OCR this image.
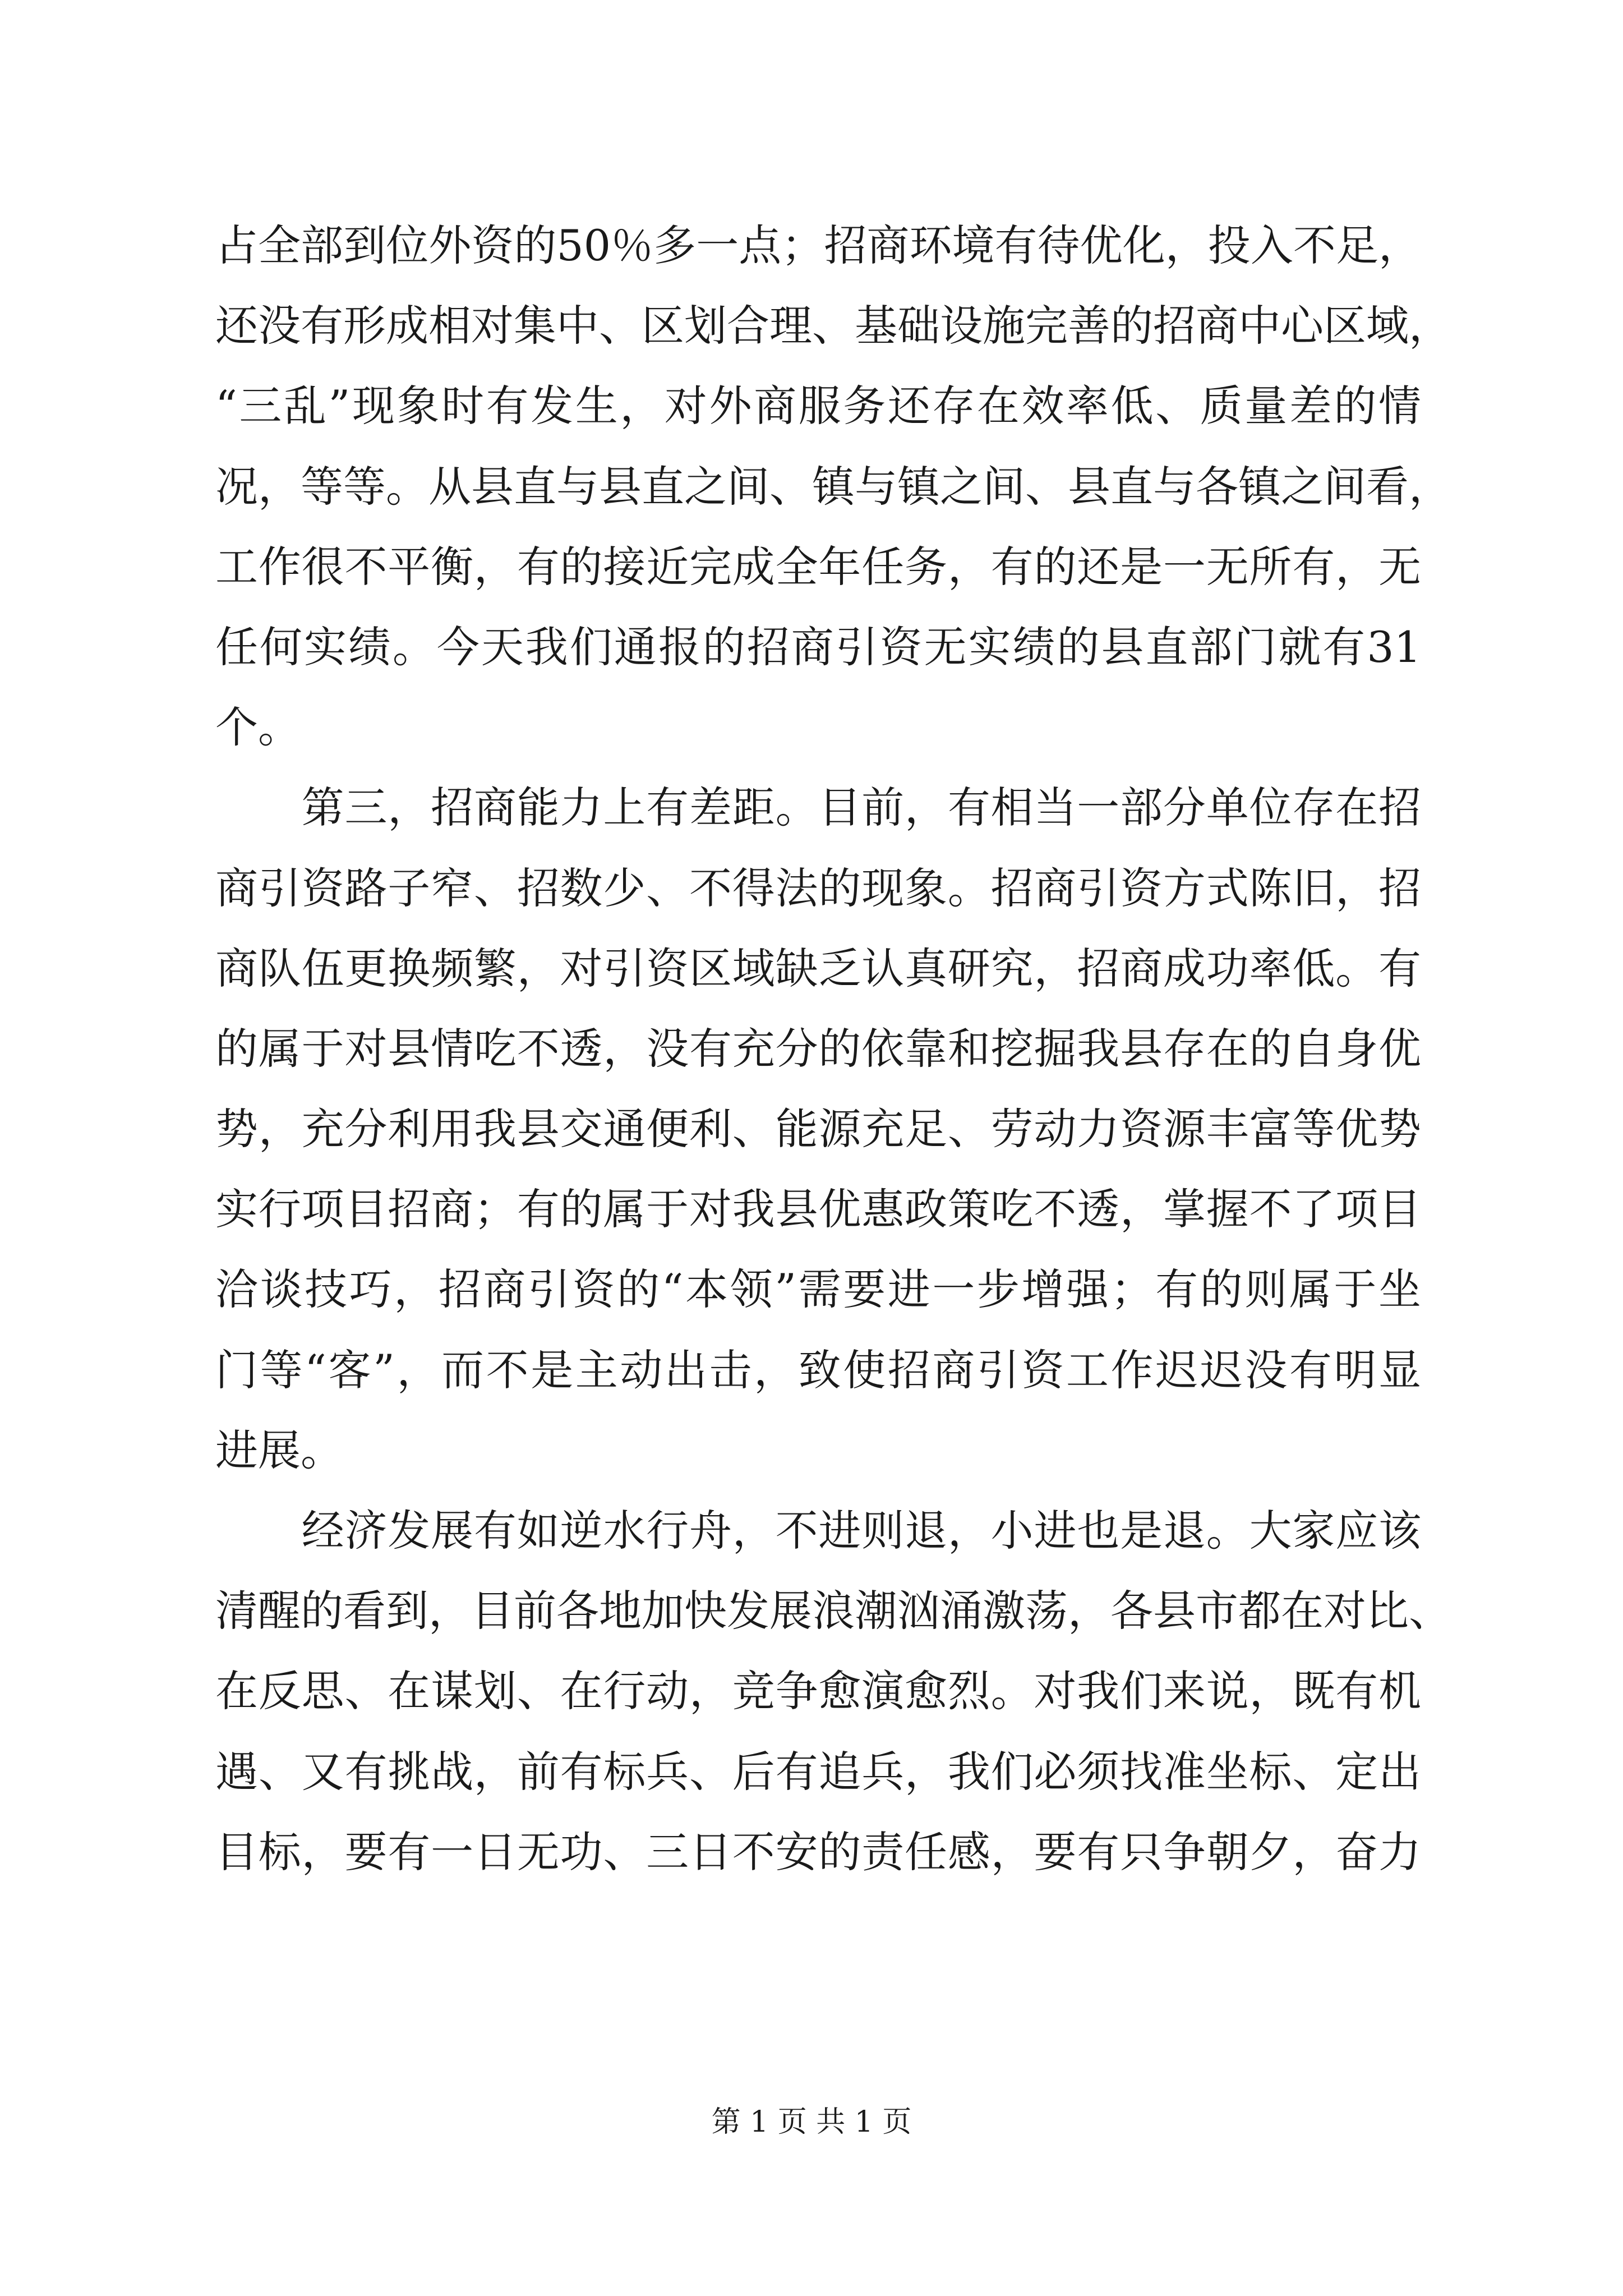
占全部到位外资的50％多一点；招商环境有待优化，投入不足，
还没有形成相对集中、区划合理、基础设施完善的招商中心区域，
“三乱”现象时有发生，对外商服务还存在效率低、质量差的情
况，等等。从县直与县直之间、镇与镇之间、县直与各镇之间看，
工作很不平衡，有的接近完成全年任务，有的还是一无所有，无
任何实绩。今天我们通报的招商引资无实绩的县直部门就有31
个。
　　第三，招商能力上有差距。目前，有相当一部分单位存在招
商引资路子窄、招数少、不得法的现象。招商引资方式陈旧，招
商队伍更换频繁，对引资区域缺乏认真研究，招商成功率低。有
的属于对县情吃不透，没有充分的依靠和挖掘我县存在的自身优
势，充分利用我县交通便利、能源充足、劳动力资源丰富等优势
实行项目招商；有的属于对我县优惠政策吃不透，掌握不了项目
洽谈技巧，招商引资的“本领”需要进一步增强；有的则属于坐
门等“客”，而不是主动出击，致使招商引资工作迟迟没有明显
进展。
　　经济发展有如逆水行舟，不进则退，小进也是退。大家应该
清醒的看到，目前各地加快发展浪潮汹涌激荡，各县市都在对比、
在反思、在谋划、在行动，竞争愈演愈烈。对我们来说，既有机
遇、又有挑战，前有标兵、后有追兵，我们必须找准坐标、定出
目标，要有一日无功、三日不安的责任感，要有只争朝夕，奋力
第 1 页 共 1 页
